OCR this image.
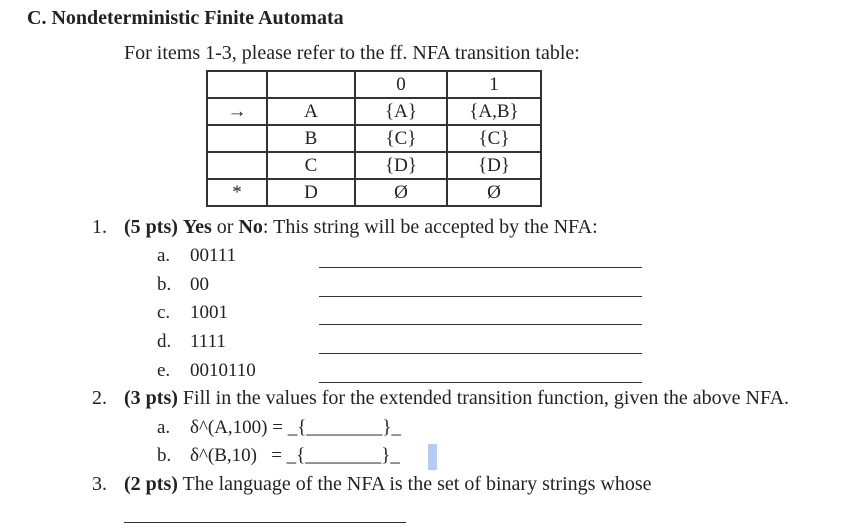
C. Nondeterministic Finite Automata
For items 1-3, please refer to the ff. NFA transition table:
		0	1
→	A	{A}	{A,B}
	B	{C}	{C}
	C	{D}	{D}
*	D	Ø	Ø
1. (5 pts) Yes or No: This string will be accepted by the NFA:
a. 00111
b. 00
c. 1001
d. 1111
e. 0010110
2. (3 pts) Fill in the values for the extended transition function, given the above NFA.
a. δ^(A,100) = _{________}_
b. δ^(B,10)   = _{________}_
3. (2 pts) The language of the NFA is the set of binary strings whose
